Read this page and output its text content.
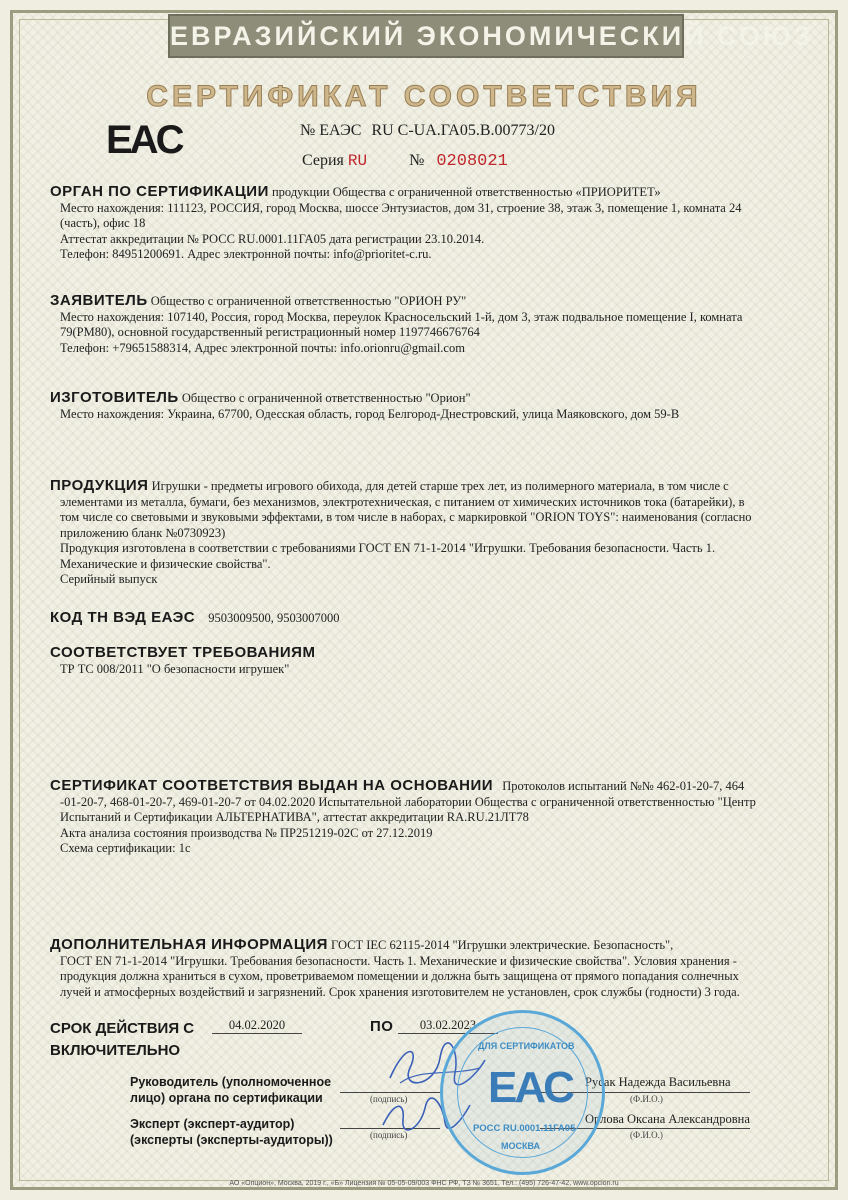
ЕВРАЗИЙСКИЙ ЭКОНОМИЧЕСКИЙ СОЮЗ
СЕРТИФИКАТ СООТВЕТСТВИЯ
EAC	№ ЕАЭС RU С-UA.ГА05.В.00773/20
Серия RU	№ 0208021
ОРГАН ПО СЕРТИФИКАЦИИ продукции Общества с ограниченной ответственностью «ПРИОРИТЕТ»
Место нахождения: 111123, РОССИЯ, город Москва, шоссе Энтузиастов, дом 31, строение 38, этаж 3, помещение 1, комната 24
(часть), офис 18
Аттестат аккредитации № РОСС RU.0001.11ГА05 дата регистрации 23.10.2014.
Телефон: 84951200691. Адрес электронной почты: info@prioritet-c.ru.
ЗАЯВИТЕЛЬ Общество с ограниченной ответственностью "ОРИОН РУ"
Место нахождения: 107140, Россия, город Москва, переулок Красносельский 1-й, дом 3, этаж подвальное помещение I, комната
79(РМ80), основной государственный регистрационный номер 1197746676764
Телефон: +79651588314, Адрес электронной почты: info.orionru@gmail.com
ИЗГОТОВИТЕЛЬ Общество с ограниченной ответственностью "Орион"
Место нахождения: Украина, 67700, Одесская область, город Белгород-Днестровский, улица Маяковского, дом 59-В
ПРОДУКЦИЯ Игрушки - предметы игрового обихода, для детей старше трех лет, из полимерного материала, в том числе с
элементами из металла, бумаги, без механизмов, электротехническая, с питанием от химических источников тока (батарейки), в
том числе со световыми и звуковыми эффектами, в том числе в наборах, с маркировкой "ORION TOYS": наименования (согласно
приложению бланк №0730923)
Продукция изготовлена в соответствии с требованиями ГОСТ EN 71-1-2014 "Игрушки. Требования безопасности. Часть 1.
Механические и физические свойства".
Серийный выпуск
КОД ТН ВЭД ЕАЭС 9503009500, 9503007000
СООТВЕТСТВУЕТ ТРЕБОВАНИЯМ
ТР ТС 008/2011 "О безопасности игрушек"
СЕРТИФИКАТ СООТВЕТСТВИЯ ВЫДАН НА ОСНОВАНИИ Протоколов испытаний №№ 462-01-20-7, 464
-01-20-7, 468-01-20-7, 469-01-20-7 от 04.02.2020 Испытательной лаборатории Общества с ограниченной ответственностью "Центр
Испытаний и Сертификации АЛЬТЕРНАТИВА", аттестат аккредитации RA.RU.21ЛТ78
Акта анализа состояния производства № ПР251219-02С от 27.12.2019
Схема сертификации: 1с
ДОПОЛНИТЕЛЬНАЯ ИНФОРМАЦИЯ ГОСТ IEC 62115-2014 "Игрушки электрические. Безопасность",
ГОСТ EN 71-1-2014 "Игрушки. Требования безопасности. Часть 1. Механические и физические свойства". Условия хранения -
продукция должна храниться в сухом, проветриваемом помещении и должна быть защищена от прямого попадания солнечных
лучей и атмосферных воздействий и загрязнений. Срок хранения изготовителем не установлен, срок службы (годности) 3 года.
СРОК ДЕЙСТВИЯ С
ВКЛЮЧИТЕЛЬНО
04.02.2020	ПО	03.02.2023
Руководитель (уполномоченное
лицо) органа по сертификации	(подпись)
Русак Надежда Васильевна
(Ф.И.О.)
Эксперт (эксперт-аудитор)
(эксперты (эксперты-аудиторы))	(подпись)
Орлова Оксана Александровна
(Ф.И.О.)
ДЛЯ СЕРТИФИКАТОВ
EAC
РОСС RU.0001.11ГА05
МОСКВА
АО «Опцион», Москва, 2019 г., «Б» Лицензия № 05-05-09/003 ФНС РФ, ТЗ № 3651. Тел.: (495) 726-47-42, www.opcion.ru
